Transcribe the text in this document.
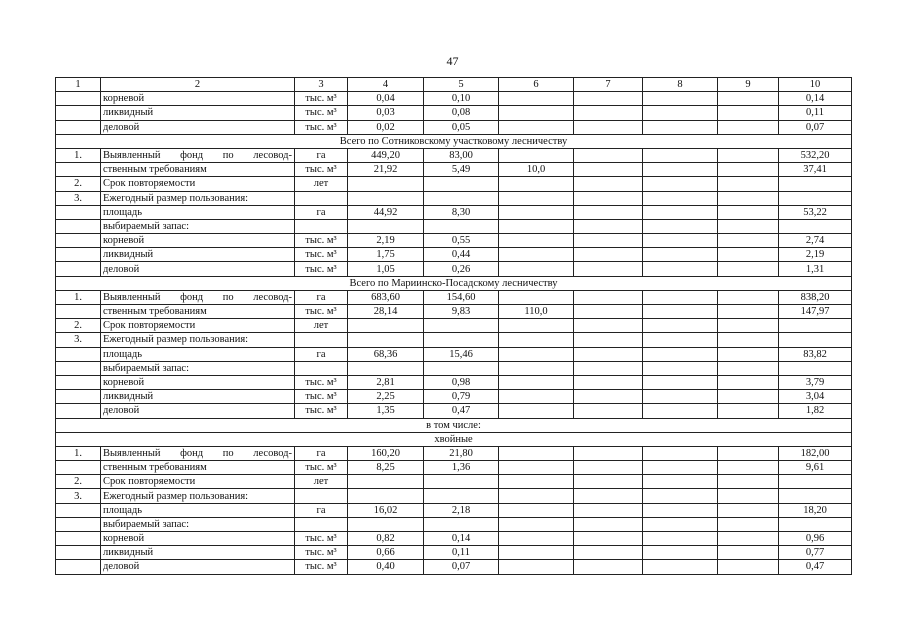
47
1	2	3	4	5	6	7	8	9	10
	корневой	тыс. м³	0,04	0,10					0,14
	ликвидный	тыс. м³	0,03	0,08					0,11
	деловой	тыс. м³	0,02	0,05					0,07
Всего по Сотниковскому участковому лесничеству									
1.	Выявленный фонд по лесовод-	га	449,20	83,00					532,20
	ственным требованиям	тыс. м³	21,92	5,49	10,0				37,41
2.	Срок повторяемости	лет							
3.	Ежегодный размер пользования:								
	площадь	га	44,92	8,30					53,22
	выбираемый запас:								
	корневой	тыс. м³	2,19	0,55					2,74
	ликвидный	тыс. м³	1,75	0,44					2,19
	деловой	тыс. м³	1,05	0,26					1,31
Всего по Мариинско-Посадскому лесничеству									
1.	Выявленный фонд по лесовод-	га	683,60	154,60					838,20
	ственным требованиям	тыс. м³	28,14	9,83	110,0				147,97
2.	Срок повторяемости	лет							
3.	Ежегодный размер пользования:								
	площадь	га	68,36	15,46					83,82
	выбираемый запас:								
	корневой	тыс. м³	2,81	0,98					3,79
	ликвидный	тыс. м³	2,25	0,79					3,04
	деловой	тыс. м³	1,35	0,47					1,82
в том числе:									
хвойные									
1.	Выявленный фонд по лесовод-	га	160,20	21,80					182,00
	ственным требованиям	тыс. м³	8,25	1,36					9,61
2.	Срок повторяемости	лет							
3.	Ежегодный размер пользования:								
	площадь	га	16,02	2,18					18,20
	выбираемый запас:								
	корневой	тыс. м³	0,82	0,14					0,96
	ликвидный	тыс. м³	0,66	0,11					0,77
	деловой	тыс. м³	0,40	0,07					0,47
